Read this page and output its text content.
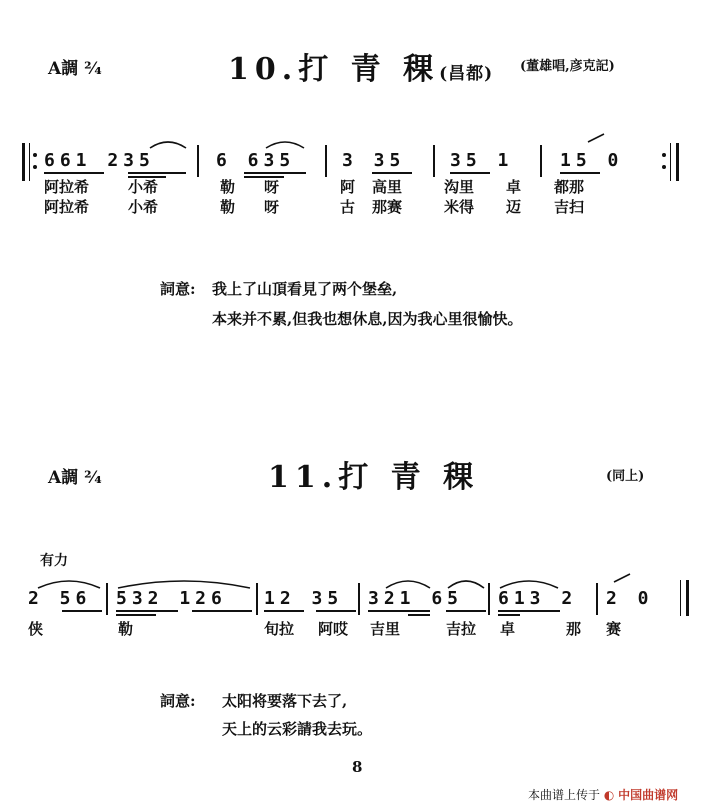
A調 ²⁄₄	10.打 青 稞(昌都) (董雄唱,彦克記)
661 235	6 635	3 35 35 1	15 0
阿拉希	小希	勒 呀	阿 高里	沟里 卓 都那
阿拉希	小希	勒 呀	古 那赛	米得 迈 吉扫
詞意: 我上了山頂看見了两个堡垒,
本来并不累,但我也想休息,因为我心里很愉快。
A調 ²⁄₄	11.打 青 稞	(同上)
有力
2 56 532 126 12 35 321 65 613 2 2 0
侠	勒	旬拉 阿哎 吉里	吉拉 卓	那 赛
詞意: 太阳将要落下去了,
天上的云彩請我去玩。
8
本曲谱上传于 ◐ 中国曲谱网
